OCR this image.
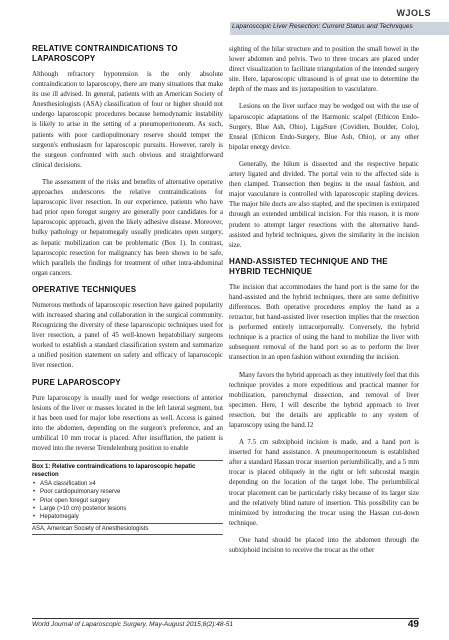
WJOLS
Laparoscopic Liver Resection: Current Status and Techniques
RELATIVE CONTRAINDICATIONS TO LAPAROSCOPY

Although refractory hypotension is the only absolute contraindication to laparoscopy, there are many situations that make its use ill advised. In general, patients with an American Society of Anesthesiologists (ASA) classification of four or higher should not undergo laparoscopic procedures because hemodynamic instability is likely to arise in the setting of a pneumoperitoneum. As such, patients with poor cardiopulmonary reserve should temper the surgeon's enthusiasm for laparoscopic pursuits. However, rarely is the surgeon confronted with such obvious and straightforward clinical decisions.

The assessment of the risks and benefits of alternative operative approaches underscores the relative contraindications for laparoscopic liver resection. In our experience, patients who have had prior open foregut surgery are generally poor candidates for a laparoscopic approach, given the likely adhesive disease. Moreover, bulky pathology or hepatomegaly usually predicates open surgery, as hepatic mobilization can be problematic (Box 1). In contrast, laparoscopic resection for malignancy has been shown to be safe, which parallels the findings for treatment of other intra-abdominal organ cancers.

OPERATIVE TECHNIQUES

Numerous methods of laparoscopic resection have gained popularity with increased sharing and collaboration in the surgical community. Recognizing the diversity of these laparoscopic techniques used for liver resection, a panel of 45 well-known hepatobiliary surgeons worked to establish a standard classification system and summarize a unified position statement on safety and efficacy of laparoscopic liver resection.

PURE LAPAROSCOPY

Pure laparoscopy is usually used for wedge resections of anterior lesions of the liver or masses located in the left lateral segment, but it has been used for major lobe resections as well. Access is gained into the abdomen, depending on the surgeon's preference, and an umbilical 10 mm trocar is placed. After insufflation, the patient is moved into the reverse Trendelenburg position to enable

Box 1: Relative contraindications to laparoscopic hepatic resection
• ASA classification ≥4
• Poor cardiopulmonary reserve
• Prior open foregut surgery
• Large (>10 cm) posterior lesions
• Hepatomegaly
ASA, American Society of Anesthesiologists

sighting of the hilar structure and to position the small bowel in the lower abdomen and pelvis. Two to three trocars are placed under direct visualization to facilitate triangulation of the intended surgery site. Here, laparoscopic ultrasound is of great use to determine the depth of the mass and its juxtaposition to vasculature.

Lesions on the liver surface may be wedged out with the use of laparoscopic adaptations of the Harmonic scalpel (Ethicon Endo-Surgery, Blue Ash, Ohio), LigaSure (Covidien, Boulder, Colo), Enseal (Ethicon Endo-Surgery, Blue Ash, Ohio), or any other bipolar energy device.

Generally, the hilum is dissected and the respective hepatic artery ligated and divided. The portal vein to the affected side is then clamped. Transection then begins in the usual fashion, and major vasculature is controlled with laparoscopic stapling devices. The major bile ducts are also stapled, and the specimen is extirpated through an extended umbilical incision. For this reason, it is more prudent to attempt larger resections with the alternative hand-assisted and hybrid techniques, given the similarity in the incision size.

HAND-ASSISTED TECHNIQUE AND THE HYBRID TECHNIQUE

The incision that accommodates the hand port is the same for the hand-assisted and the hybrid techniques, there are some definitive differences. Both operative procedures employ the hand as a retractor, but hand-assisted liver resection implies that the resection is performed entirely intracorporeally. Conversely, the hybrid technique is a practice of using the hand to mobilize the liver with subsequent removal of the hand port so as to perform the liver transection in an open fashion without extending the incision.

Many favors the hybrid approach as they intuitively feel that this technique provides a more expeditious and practical manner for mobilization, parenchymal dissection, and removal of liver specimen. Here, I will describe the hybrid approach to liver resection, but the details are applicable to any system of laparoscopy using the hand.12

A 7.5 cm subxiphoid incision is made, and a hand port is inserted for hand assistance. A pneumoperitoneum is established after a standard Hassan trocar insertion periumbilically, and a 5 mm trocar is placed obliquely in the right or left subcostal margin depending on the location of the target lobe. The periumbilical trocar placement can be particularly risky because of its larger size and the relatively blind nature of insertion. This possibility can be minimized by introducing the trocar using the Hassan cut-down technique.

One hand should be placed into the abdomen through the subxiphoid incision to receive the trocar as the other

World Journal of Laparoscopic Surgery, May-August 2015;8(2):48-51	49
